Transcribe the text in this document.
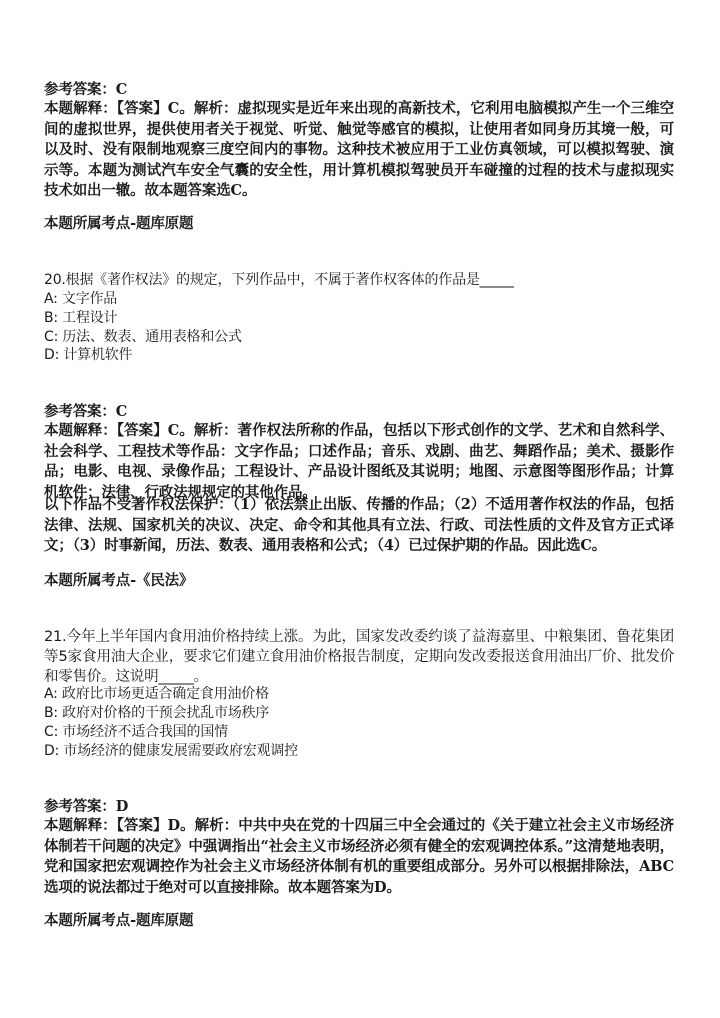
参考答案：C
本题解释：【答案】C。解析：虚拟现实是近年来出现的高新技术，它利用电脑模拟产生一个三维空间的虚拟世界，提供使用者关于视觉、听觉、触觉等感官的模拟，让使用者如同身历其境一般，可以及时、没有限制地观察三度空间内的事物。这种技术被应用于工业仿真领域，可以模拟驾驶、演示等。本题为测试汽车安全气囊的安全性，用计算机模拟驾驶员开车碰撞的过程的技术与虚拟现实技术如出一辙。故本题答案选C。
本题所属考点-题库原题
20.根据《著作权法》的规定，下列作品中，不属于著作权客体的作品是_____
A: 文字作品
B: 工程设计
C: 历法、数表、通用表格和公式
D: 计算机软件
参考答案：C
本题解释：【答案】C。解析：著作权法所称的作品，包括以下形式创作的文学、艺术和自然科学、社会科学、工程技术等作品：文字作品；口述作品；音乐、戏剧、曲艺、舞蹈作品；美术、摄影作品；电影、电视、录像作品；工程设计、产品设计图纸及其说明；地图、示意图等图形作品；计算机软件；法律、行政法规规定的其他作品。
以下作品不受著作权法保护：（1）依法禁止出版、传播的作品；（2）不适用著作权法的作品，包括法律、法规、国家机关的决议、决定、命令和其他具有立法、行政、司法性质的文件及官方正式译文；（3）时事新闻，历法、数表、通用表格和公式；（4）已过保护期的作品。因此选C。
本题所属考点-《民法》
21.今年上半年国内食用油价格持续上涨。为此，国家发改委约谈了益海嘉里、中粮集团、鲁花集团等5家食用油大企业，要求它们建立食用油价格报告制度，定期向发改委报送食用油出厂价、批发价和零售价。这说明_____。
A: 政府比市场更适合确定食用油价格
B: 政府对价格的干预会扰乱市场秩序
C: 市场经济不适合我国的国情
D: 市场经济的健康发展需要政府宏观调控
参考答案：D
本题解释：【答案】D。解析：中共中央在党的十四届三中全会通过的《关于建立社会主义市场经济体制若干问题的决定》中强调指出“社会主义市场经济必须有健全的宏观调控体系。”这清楚地表明，党和国家把宏观调控作为社会主义市场经济体制有机的重要组成部分。另外可以根据排除法，ABC选项的说法都过于绝对可以直接排除。故本题答案为D。
本题所属考点-题库原题
